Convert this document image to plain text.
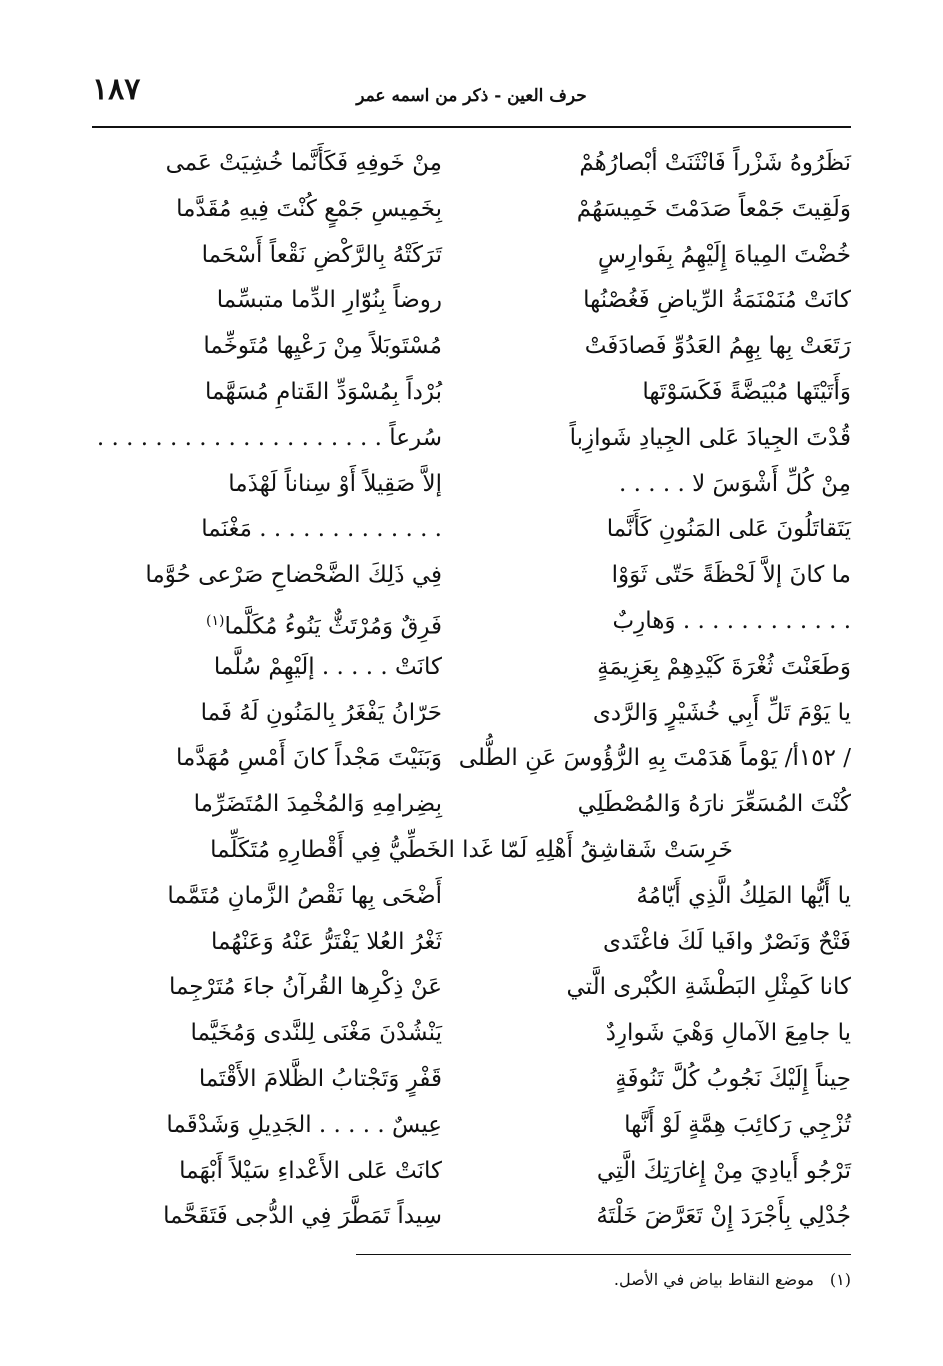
١٨٧	حرف العين - ذكر من اسمه عمر
نَظَرُوهُ شَزْراً فَانْثَنَتْ أبْصارُهُمْ
مِنْ خَوفِهِ فَكَأَنَّما خُشِيَتْ عَمى
وَلَقِيتَ جَمْعاً صَدَمْتَ خَمِيسَهُمْ
بِخَمِيسِ جَمْعٍ كُنْتَ فِيهِ مُقَدَّما
خُضْتَ المِياهَ إِلَيْهِمُ بِفَوارِسٍ
تَرَكَتْهُ بِالرَّكْضِ نَقْعاً أَسْحَما
كانَتْ مُنَمْنَمَةُ الرِّياضِ فَغُصْنُها
روضاً بِنُوّارِ الدِّما متبسِّما
رَتَعَتْ بِها بِهِمُ العَدُوِّ فَصادَفَتْ
مُسْتَوبَلاً مِنْ رَعْيِها مُتَوخِّما
وَأَتَيْتَها مُبْيَضَّةً فَكَسَوْتَها
بُرْداً بِمُسْوَدِّ القَتامِ مُسَهَّما
قُدْتَ الجِيادَ عَلى الجِيادِ شَوازِباً
سُرعاً . . . . . . . . . . . . . . . . . . . .
مِنْ كُلِّ أَشْوَسَ لا . . . . .
إلاَّ صَقِيلاً أَوْ سِناناً لَهْذَما
يَتَقاتَلُونَ عَلى المَنُونِ كَأَنَّما
. . . . . . . . . . . . . مَغْنَما
ما كانَ إلاَّ لَحْظَةً حَتّى ثَوَوْا
فِي ذَلِكَ الضَّحْضاحِ صَرْعى حُوَّما
. . . . . . . . . . . . وَهارِبٌ
فَرِقٌ وَمُرْتَثٌّ يَنُوءُ مُكَلَّما$^{(١)}$
وَطَعَنْتَ ثُغْرَةَ كَيْدِهِمْ بِعَزِيمَةٍ
كانَتْ . . . . . إلَيْهِمْ سُلَّما
يا يَوْمَ تَلِّ أَبِي خُشَيْرٍ وَالرَّدى
حَرّانُ يَفْغَرُ بِالمَنُونِ لَهُ فَما
/ ١٥٢أ/ يَوْماً هَدَمْتَ بِهِ الرُّؤُوسَ عَنِ الطُّلى
وَبَنَيْتَ مَجْداً كانَ أَمْسِ مُهَدَّما
كُنْتَ المُسَعِّرَ نارَهُ وَالمُصْطَلِي
بِضِرامِهِ وَالمُخْمِدَ المُتَضَرِّما
خَرِسَتْ شَقاشِقُ أَهْلِهِ لَمّا غَدا الخَطِّيُّ فِي أَقْطارِهِ مُتَكَلِّما
يا أَيُّها المَلِكُ الَّذِي أَيّامُهُ
أَضْحَى بِها نَقْصُ الزَّمانِ مُتَمَّما
فَتْحٌ وَنَصْرٌ وافَيا لَكَ فاغْتَدى
ثَغْرُ العُلا يَفْتَرُّ عَنْهُ وَعَنْهُما
كانا كَمِثْلِ البَطْشَةِ الكُبْرى الَّتي
عَنْ ذِكْرِها القُرآنُ جاءَ مُتَرْجِما
يا جامِعَ الآمالِ وَهْيَ شَوارِدٌ
يَنْشُدْنَ مَغْنَى لِلنَّدى وَمُخَيَّما
حِيناً إِلَيْكَ نَجُوبُ كُلَّ تَنُوفَةٍ
قَفْرٍ وَتَجْتابُ الظَّلامَ الأَقْتَما
تُزْجِي رَكائِبَ هِمَّةٍ لَوْ أَنَّها
عِيسٌ . . . . . الجَدِيلِ وَشَدْقَما
تَرْجُو أَيادِيَ مِنْ إِغارَتِكَ الَّتِي
كانَتْ عَلى الأَعْداءِ سَيْلاً أَبْهَما
جُدْلِي بِأَجْرَدَ إِنْ تَعَرَّضَ خَلْتَهُ
سِيداً تَمَطَّرَ فِي الدُّجى فَتَقَحَّما
(١)موضع النقاط بياض في الأصل.
